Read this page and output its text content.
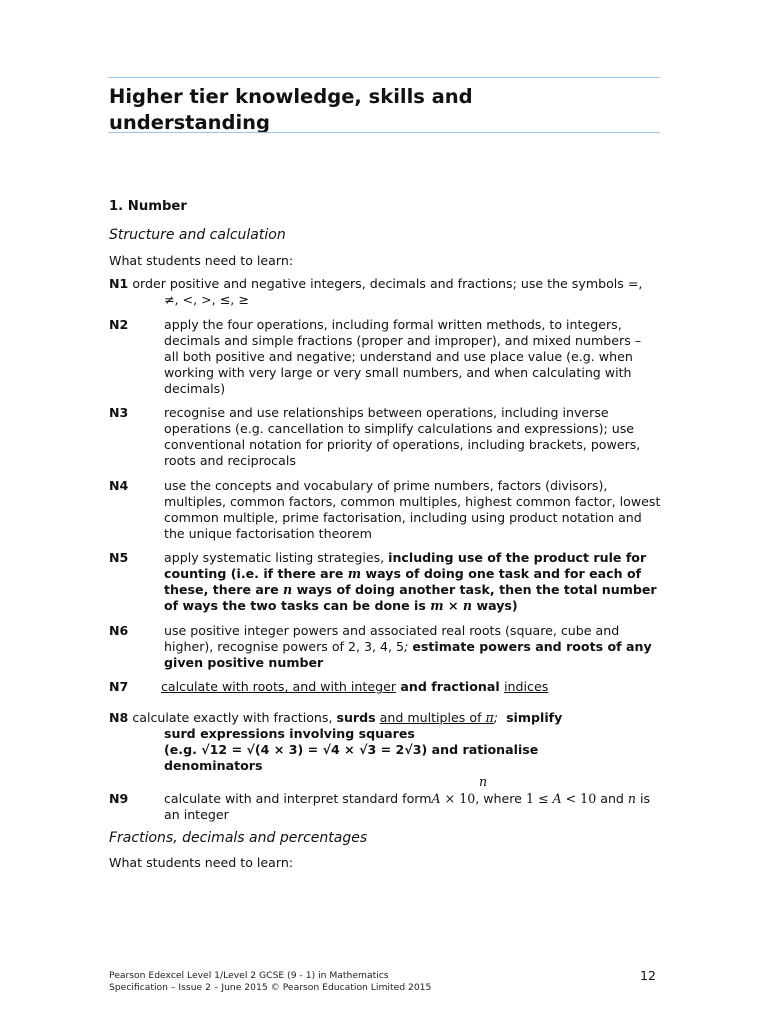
Higher tier knowledge, skills and
understanding
1. Number
Structure and calculation
What students need to learn:
N1 order positive and negative integers, decimals and fractions; use the symbols =,
≠, <, >, ≤, ≥
N2	apply the four operations, including formal written methods, to integers, decimals and simple fractions (proper and improper), and mixed numbers – all both positive and negative; understand and use place value (e.g. when working with very large or very small numbers, and when calculating with decimals)
N3	recognise and use relationships between operations, including inverse operations (e.g. cancellation to simplify calculations and expressions); use conventional notation for priority of operations, including brackets, powers, roots and reciprocals
N4	use the concepts and vocabulary of prime numbers, factors (divisors), multiples, common factors, common multiples, highest common factor, lowest common multiple, prime factorisation, including using product notation and the unique factorisation theorem
N5	apply systematic listing strategies, including use of the product rule for counting (i.e. if there are m ways of doing one task and for each of these, there are n ways of doing another task, then the total number of ways the two tasks can be done is m × n ways)
N6	use positive integer powers and associated real roots (square, cube and higher), recognise powers of 2, 3, 4, 5; estimate powers and roots of any given positive number
N7	calculate with roots, and with integer and fractional indices
N8 calculate exactly with fractions, surds and multiples of π; simplify
surd expressions involving squares
(e.g. √12 = √(4 × 3) = √4 × √3 = 2√3) and rationalise
denominators
n
N9	calculate with and interpret standard formA × 10, where 1 ≤ A < 10 and n is
an integer
Fractions, decimals and percentages
What students need to learn:
Pearson Edexcel Level 1/Level 2 GCSE (9 - 1) in Mathematics
Specification – Issue 2 – June 2015 © Pearson Education Limited 2015
12
